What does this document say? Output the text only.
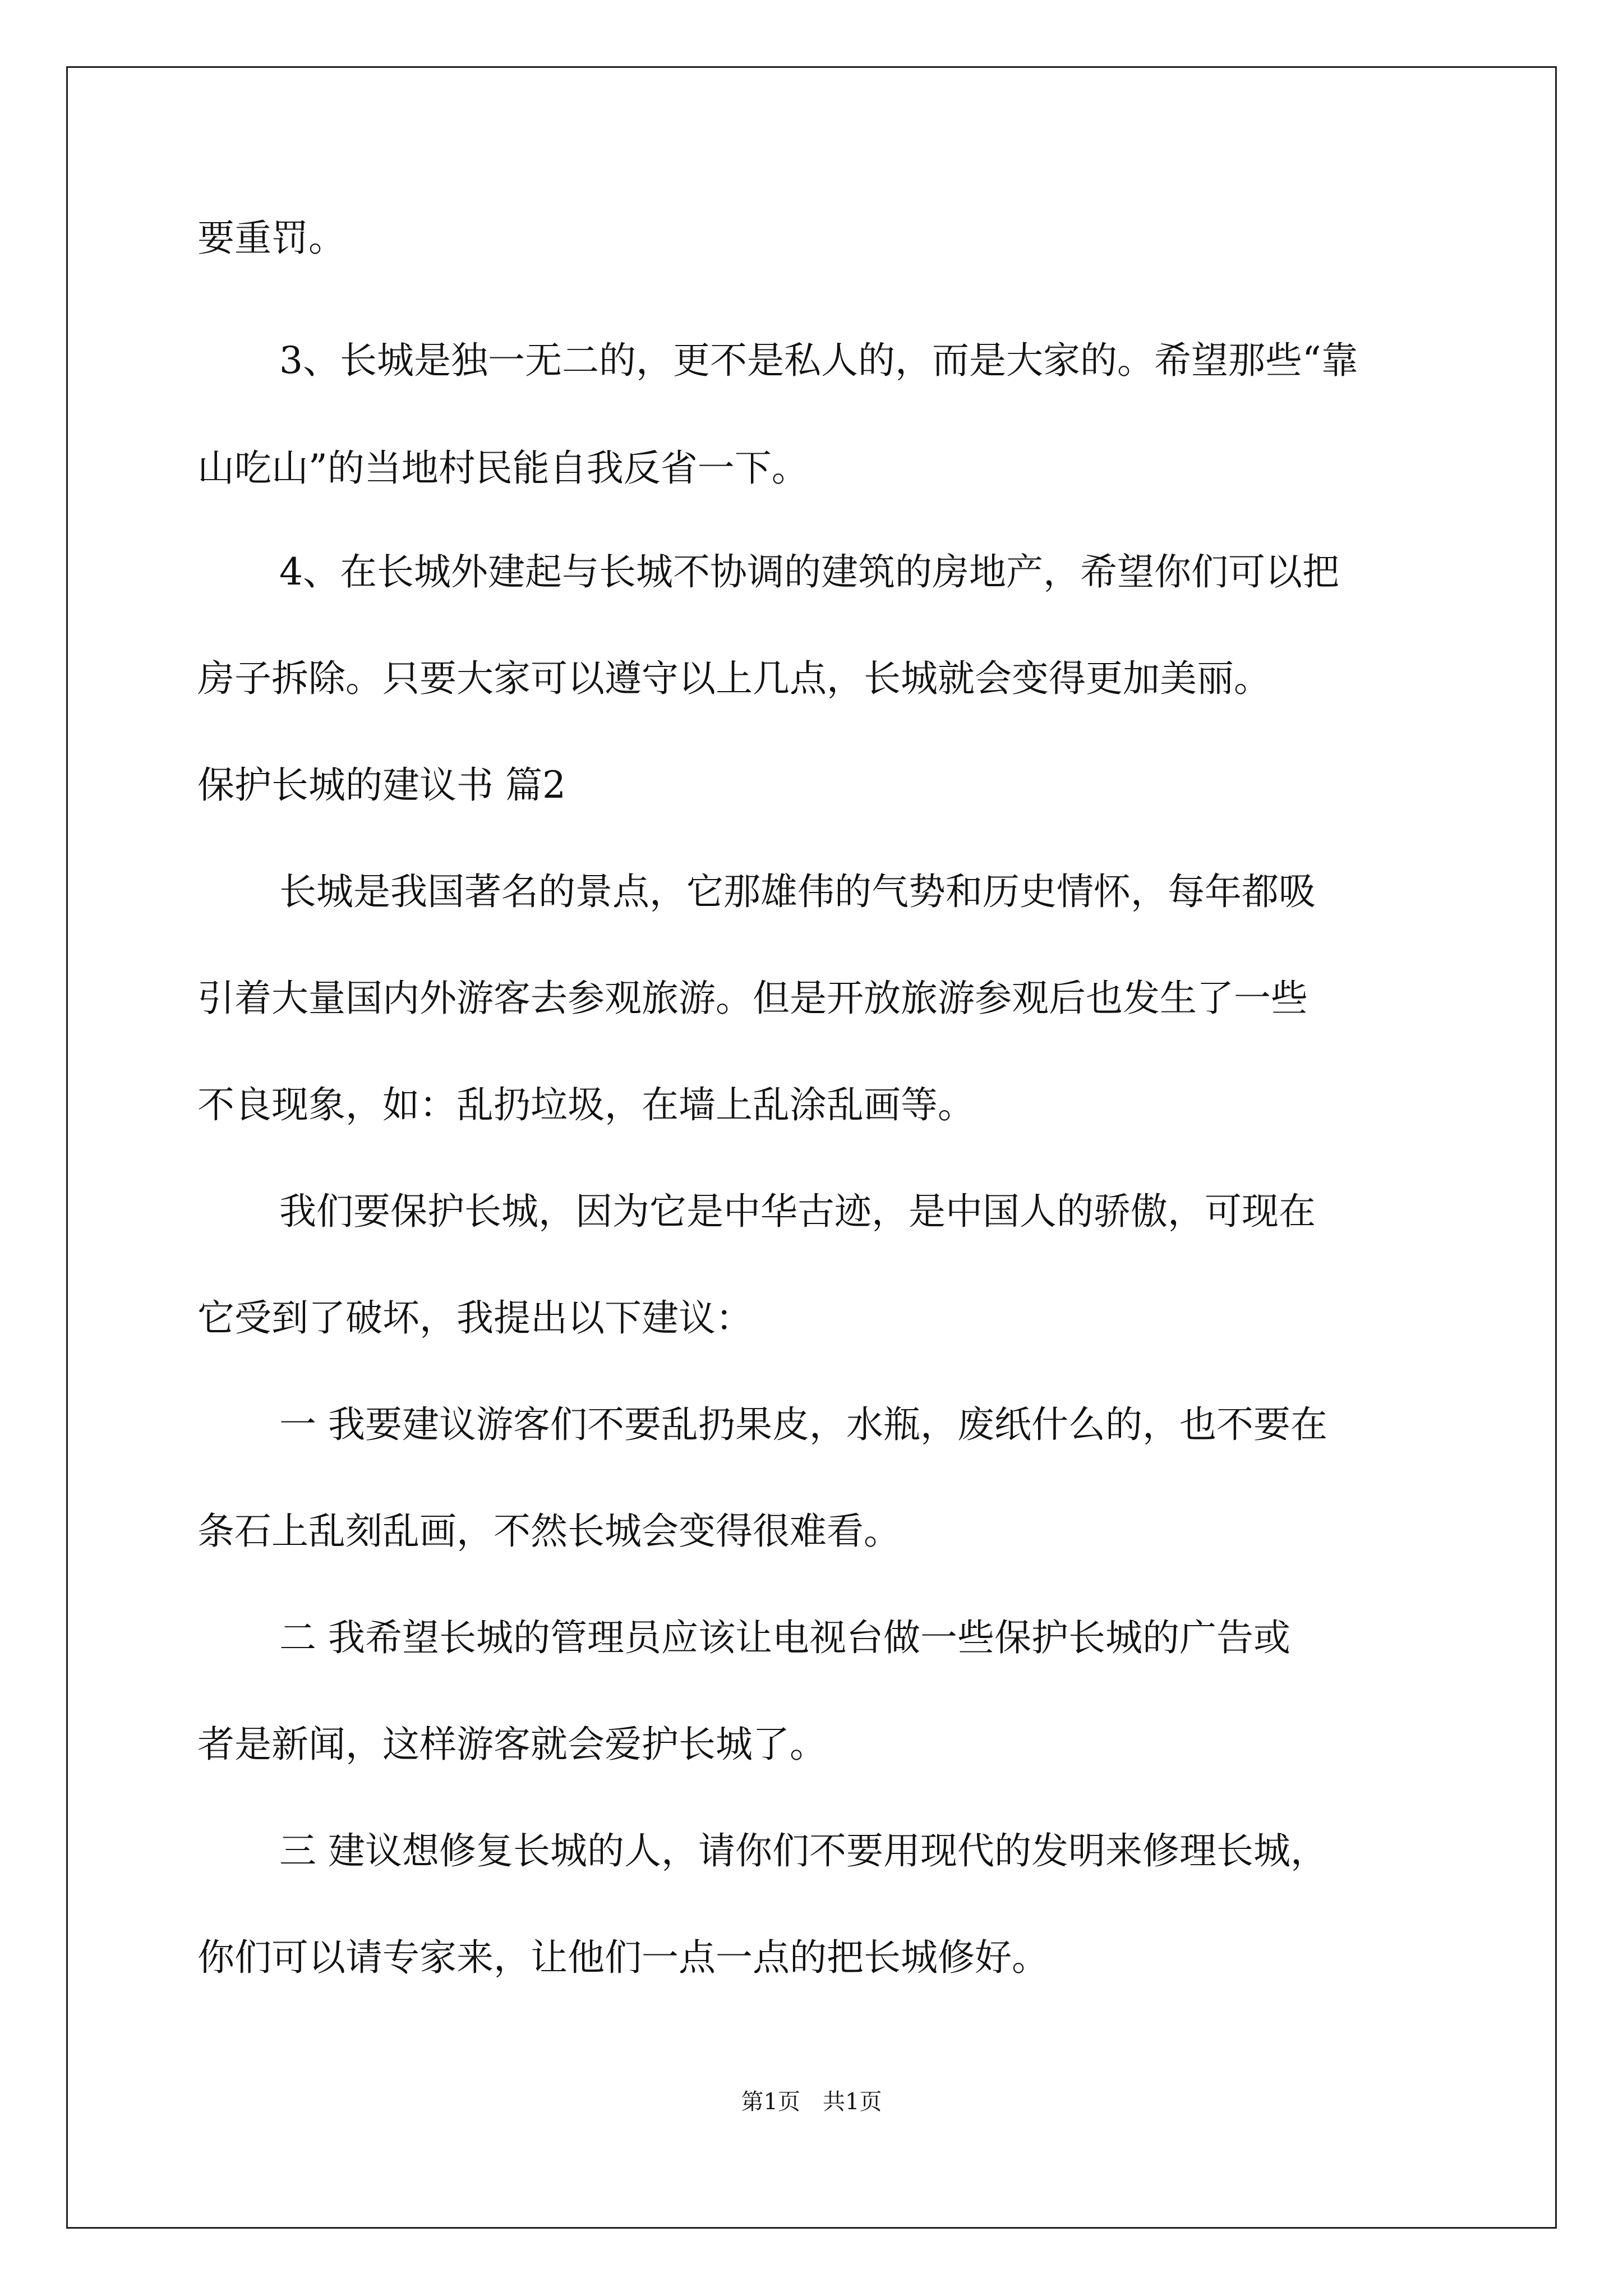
要重罚。
3、长城是独一无二的，更不是私人的，而是大家的。希望那些“靠
山吃山”的当地村民能自我反省一下。
4、在长城外建起与长城不协调的建筑的房地产，希望你们可以把
房子拆除。只要大家可以遵守以上几点，长城就会变得更加美丽。
保护长城的建议书 篇2
长城是我国著名的景点，它那雄伟的气势和历史情怀，每年都吸
引着大量国内外游客去参观旅游。但是开放旅游参观后也发生了一些
不良现象，如：乱扔垃圾，在墙上乱涂乱画等。
我们要保护长城，因为它是中华古迹，是中国人的骄傲，可现在
它受到了破坏，我提出以下建议：
一 我要建议游客们不要乱扔果皮，水瓶，废纸什么的，也不要在
条石上乱刻乱画，不然长城会变得很难看。
二 我希望长城的管理员应该让电视台做一些保护长城的广告或
者是新闻，这样游客就会爱护长城了。
三 建议想修复长城的人，请你们不要用现代的发明来修理长城，
你们可以请专家来，让他们一点一点的把长城修好。
第1页 共1页
